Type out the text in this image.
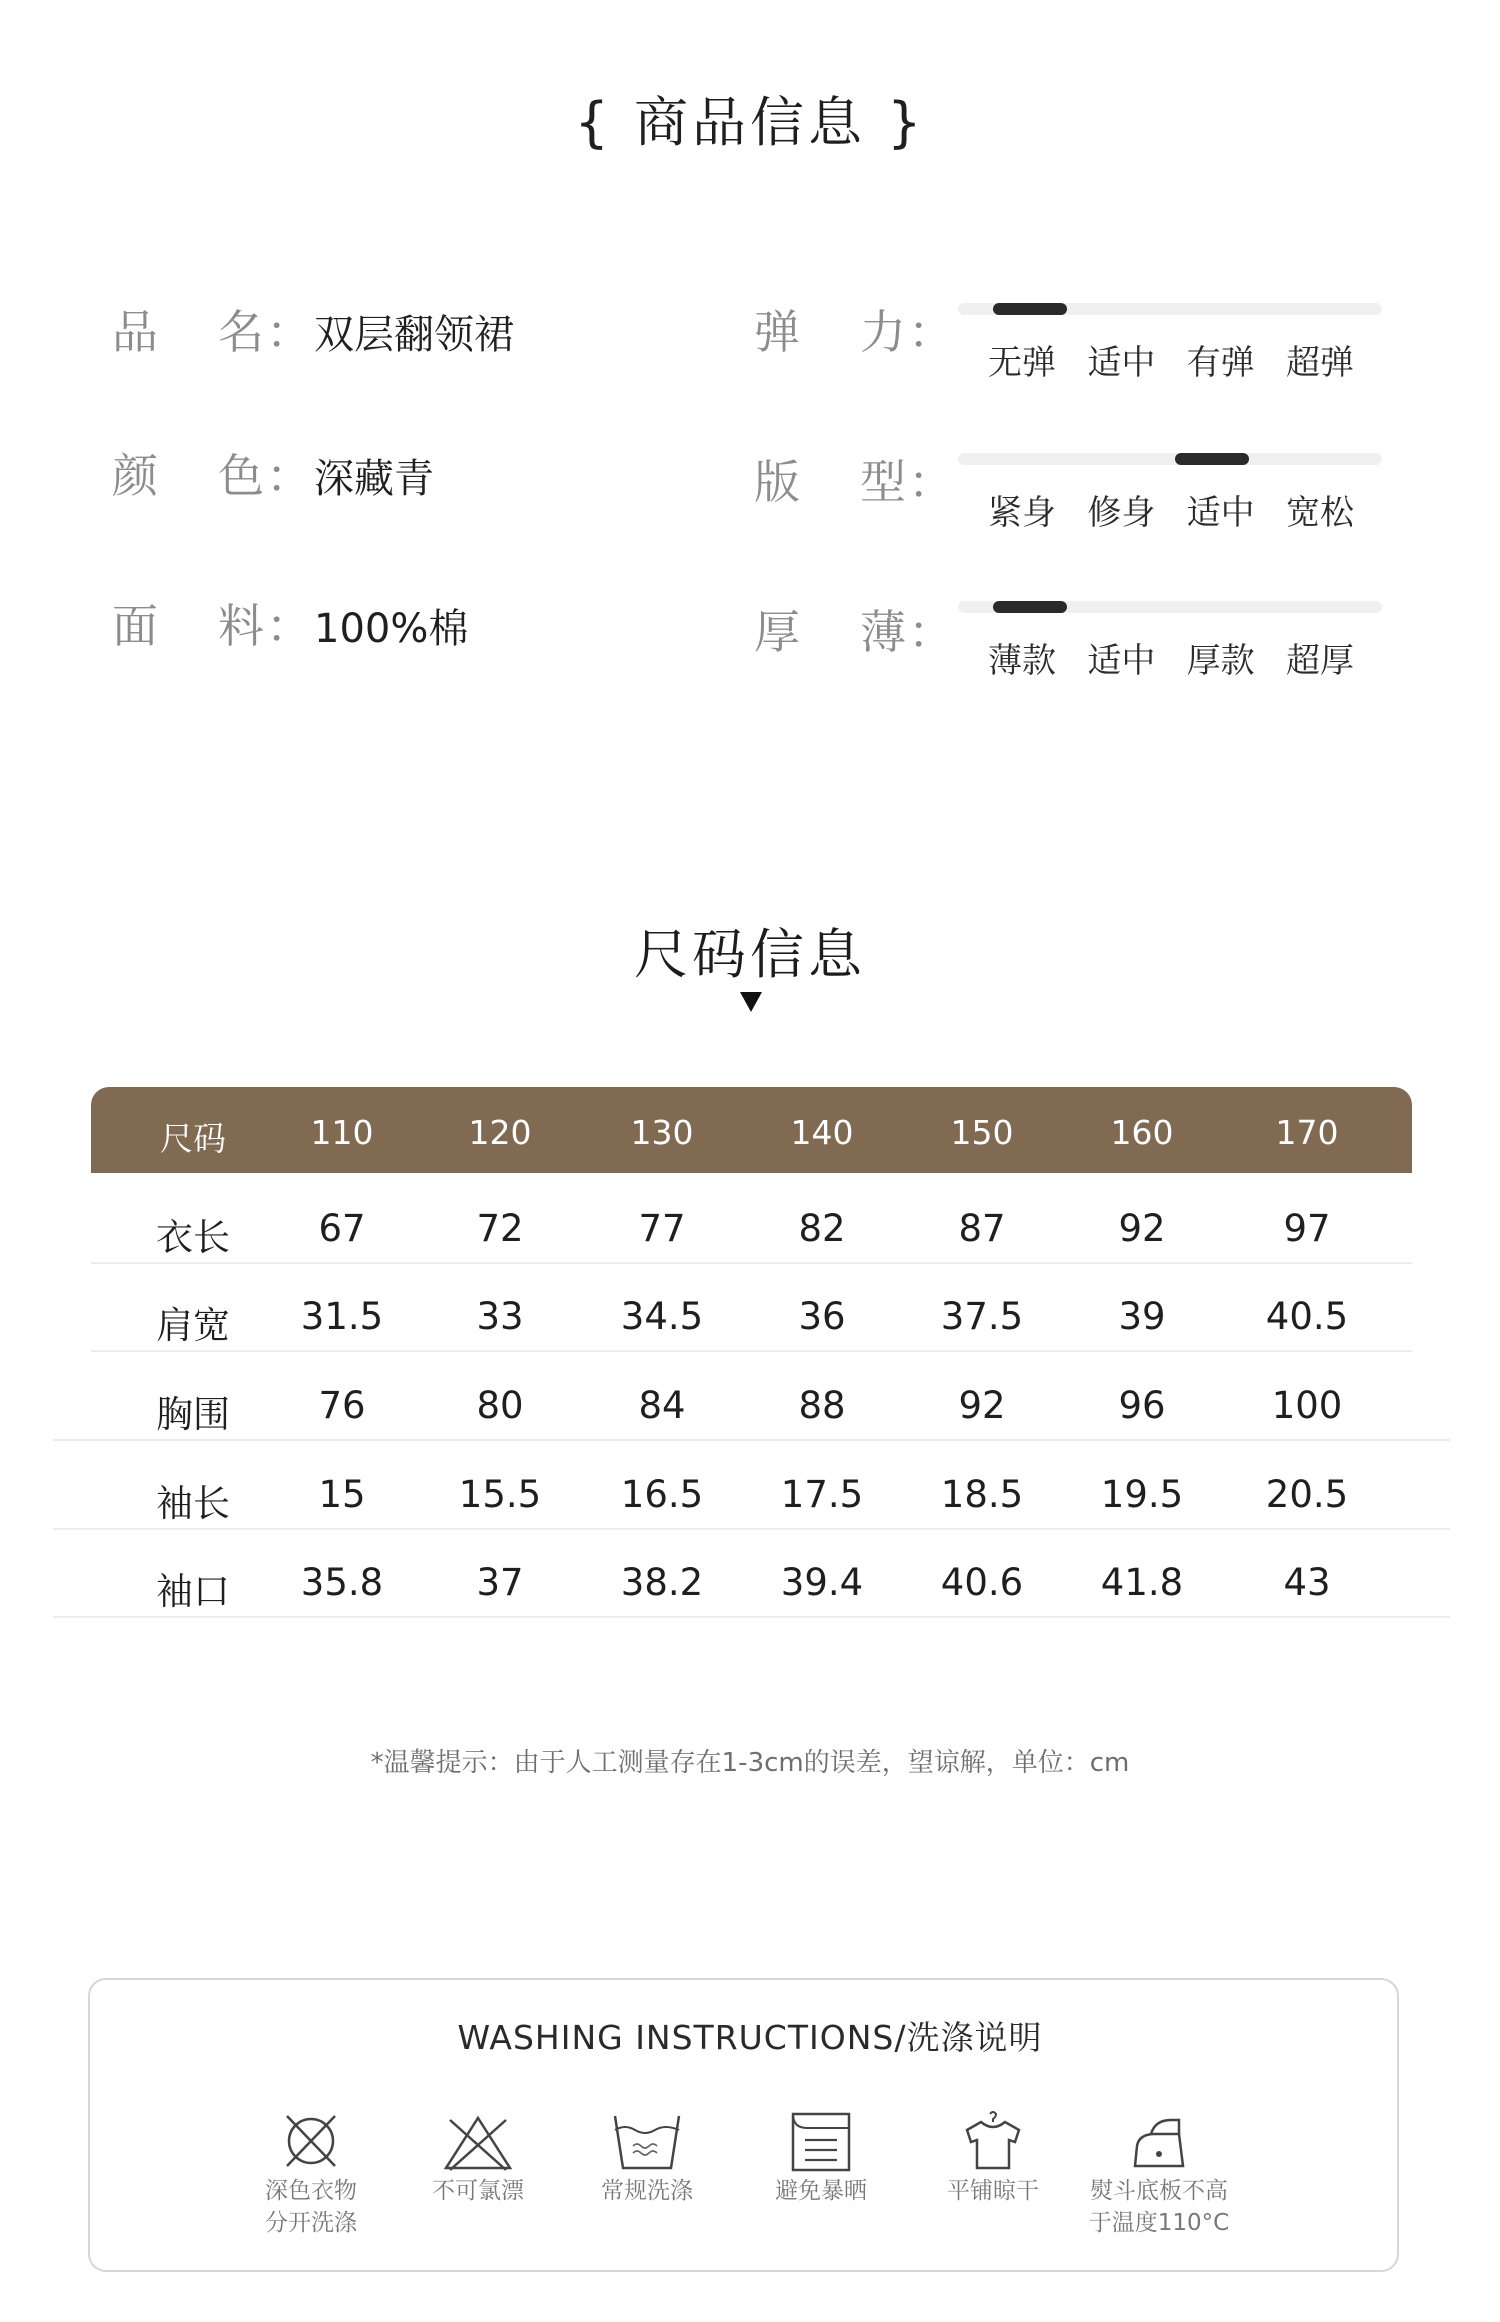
{ 商品信息 }
品 名：双层翻领裙
颜 色：深藏青
面 料：100%棉
弹 力：
无弹 适中 有弹 超弹
版 型：
紧身 修身 适中 宽松
厚 薄：
薄款 适中 厚款 超厚
尺码信息
尺码	110	120	130	140	150	160	170
衣长	67	72	77	82	87	92	97
肩宽	31.5	33	34.5	36	37.5	39	40.5
胸围	76	80	84	88	92	96	100
袖长	15	15.5	16.5	17.5	18.5	19.5	20.5
袖口	35.8	37	38.2	39.4	40.6	41.8	43
*温馨提示：由于人工测量存在1-3cm的误差，望谅解，单位：cm
WASHING INSTRUCTIONS/洗涤说明
深色衣物
分开洗涤
不可氯漂	常规洗涤	避免暴晒	平铺晾干	熨斗底板不高
于温度110°C
